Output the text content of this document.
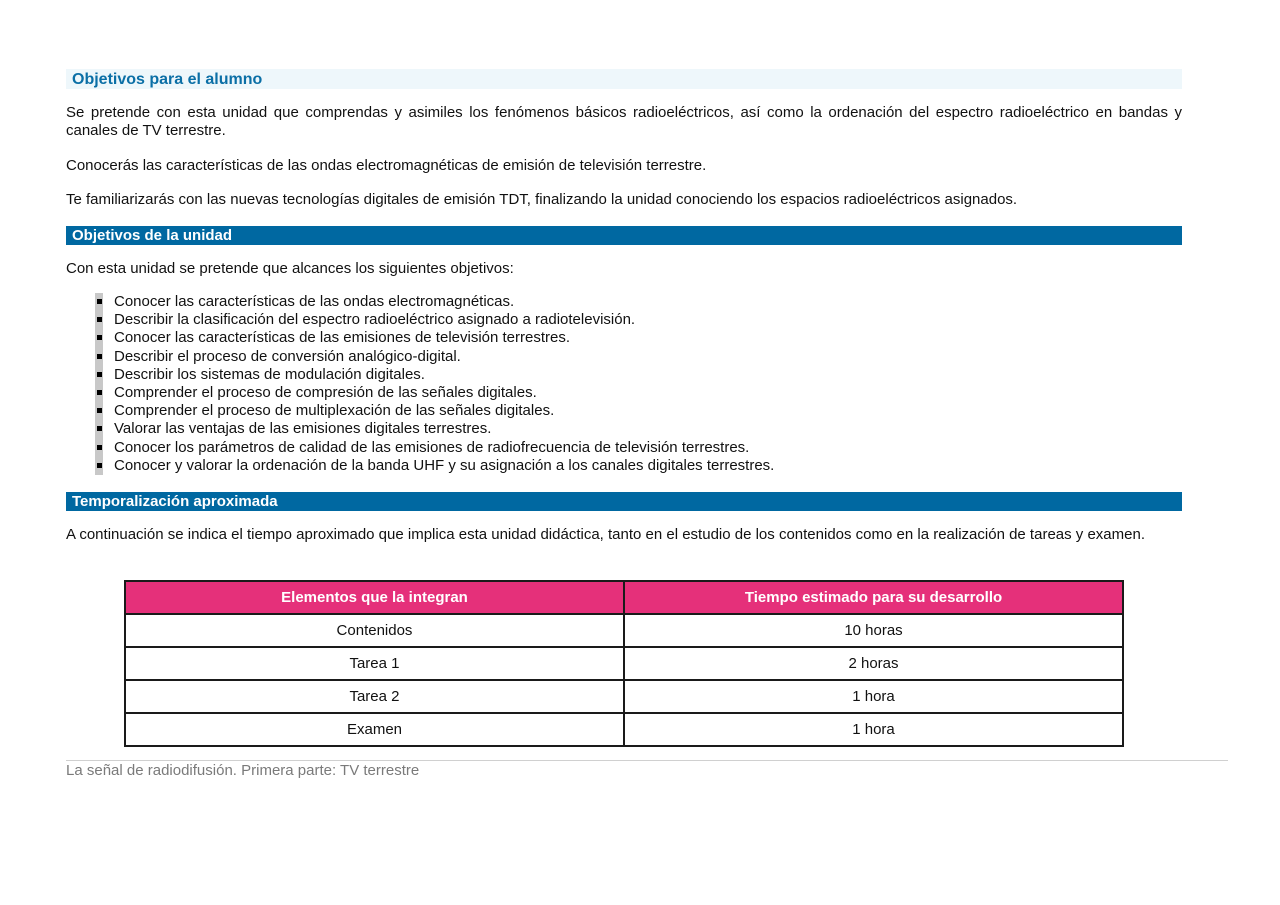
Objetivos para el alumno

Se pretende con esta unidad que comprendas y asimiles los fenómenos básicos radioeléctricos, así como la ordenación del espectro radioeléctrico en bandas y canales de TV terrestre.

Conocerás las características de las ondas electromagnéticas de emisión de televisión terrestre.

Te familiarizarás con las nuevas tecnologías digitales de emisión TDT, finalizando la unidad conociendo los espacios radioeléctricos asignados.

Objetivos de la unidad

Con esta unidad se pretende que alcances los siguientes objetivos:

Conocer las características de las ondas electromagnéticas.
Describir la clasificación del espectro radioeléctrico asignado a radiotelevisión.
Conocer las características de las emisiones de televisión terrestres.
Describir el proceso de conversión analógico-digital.
Describir los sistemas de modulación digitales.
Comprender el proceso de compresión de las señales digitales.
Comprender el proceso de multiplexación de las señales digitales.
Valorar las ventajas de las emisiones digitales terrestres.
Conocer los parámetros de calidad de las emisiones de radiofrecuencia de televisión terrestres.
Conocer y valorar la ordenación de la banda UHF y su asignación a los canales digitales terrestres.
Temporalización aproximada

A continuación se indica el tiempo aproximado que implica esta unidad didáctica, tanto en el estudio de los contenidos como en la realización de tareas y examen.

Elementos que la integran	Tiempo estimado para su desarrollo
Contenidos	10 horas
Tarea 1	2 horas
Tarea 2	1 hora
Examen	1 hora
La señal de radiodifusión. Primera parte: TV terrestre
